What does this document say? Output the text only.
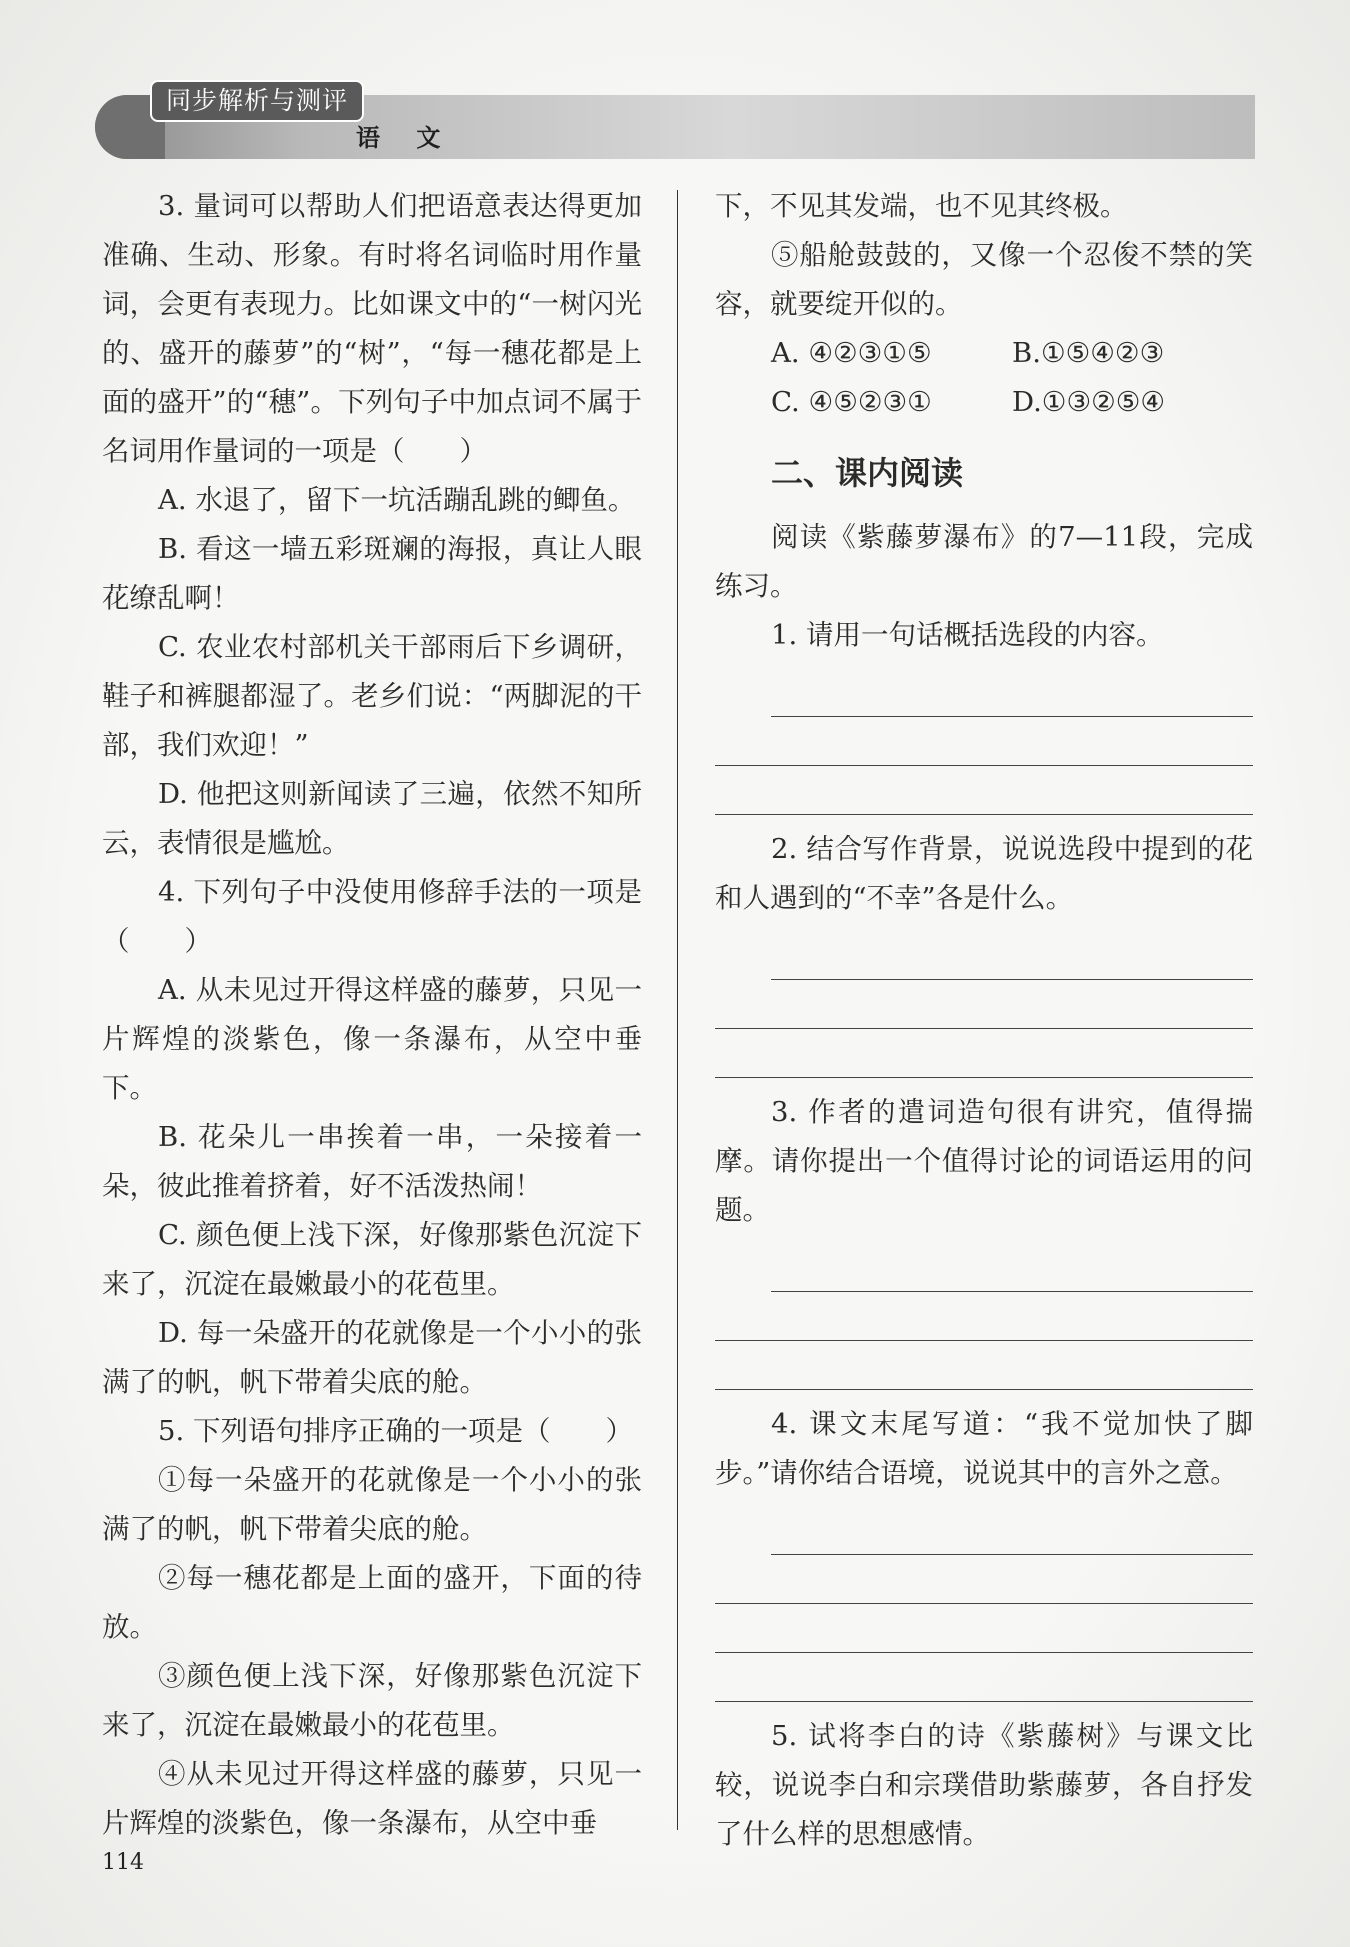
同步解析与测评
语 文

3. 量词可以帮助人们把语意表达得更加准确、生动、形象。有时将名词临时用作量词，会更有表现力。比如课文中的“一树闪光的、盛开的藤萝”的“树”，“每一穗花都是上面的盛开”的“穗”。下列句子中加点词不属于名词用作量词的一项是（　　）

A. 水退了，留下一坑活蹦乱跳的鲫鱼。

B. 看这一墙五彩斑斓的海报，真让人眼花缭乱啊！

C. 农业农村部机关干部雨后下乡调研，鞋子和裤腿都湿了。老乡们说：“两脚泥的干部，我们欢迎！”

D. 他把这则新闻读了三遍，依然不知所云，表情很是尴尬。

4. 下列句子中没使用修辞手法的一项是（　　）

A. 从未见过开得这样盛的藤萝，只见一片辉煌的淡紫色，像一条瀑布，从空中垂下。

B. 花朵儿一串挨着一串，一朵接着一朵，彼此推着挤着，好不活泼热闹！

C. 颜色便上浅下深，好像那紫色沉淀下来了，沉淀在最嫩最小的花苞里。

D. 每一朵盛开的花就像是一个小小的张满了的帆，帆下带着尖底的舱。

5. 下列语句排序正确的一项是（　　）

①每一朵盛开的花就像是一个小小的张满了的帆，帆下带着尖底的舱。

②每一穗花都是上面的盛开，下面的待放。

③颜色便上浅下深，好像那紫色沉淀下来了，沉淀在最嫩最小的花苞里。

④从未见过开得这样盛的藤萝，只见一片辉煌的淡紫色，像一条瀑布，从空中垂

下，不见其发端，也不见其终极。

⑤船舱鼓鼓的，又像一个忍俊不禁的笑容，就要绽开似的。

A. ④②③①⑤	B.①⑤④②③
C. ④⑤②③①	D.①③②⑤④
二、课内阅读

阅读《紫藤萝瀑布》的7—11段，完成练习。

1. 请用一句话概括选段的内容。

2. 结合写作背景，说说选段中提到的花和人遇到的“不幸”各是什么。

3. 作者的遣词造句很有讲究，值得揣摩。请你提出一个值得讨论的词语运用的问题。

4. 课文末尾写道：“我不觉加快了脚步。”请你结合语境，说说其中的言外之意。

5. 试将李白的诗《紫藤树》与课文比较，说说李白和宗璞借助紫藤萝，各自抒发了什么样的思想感情。

114
